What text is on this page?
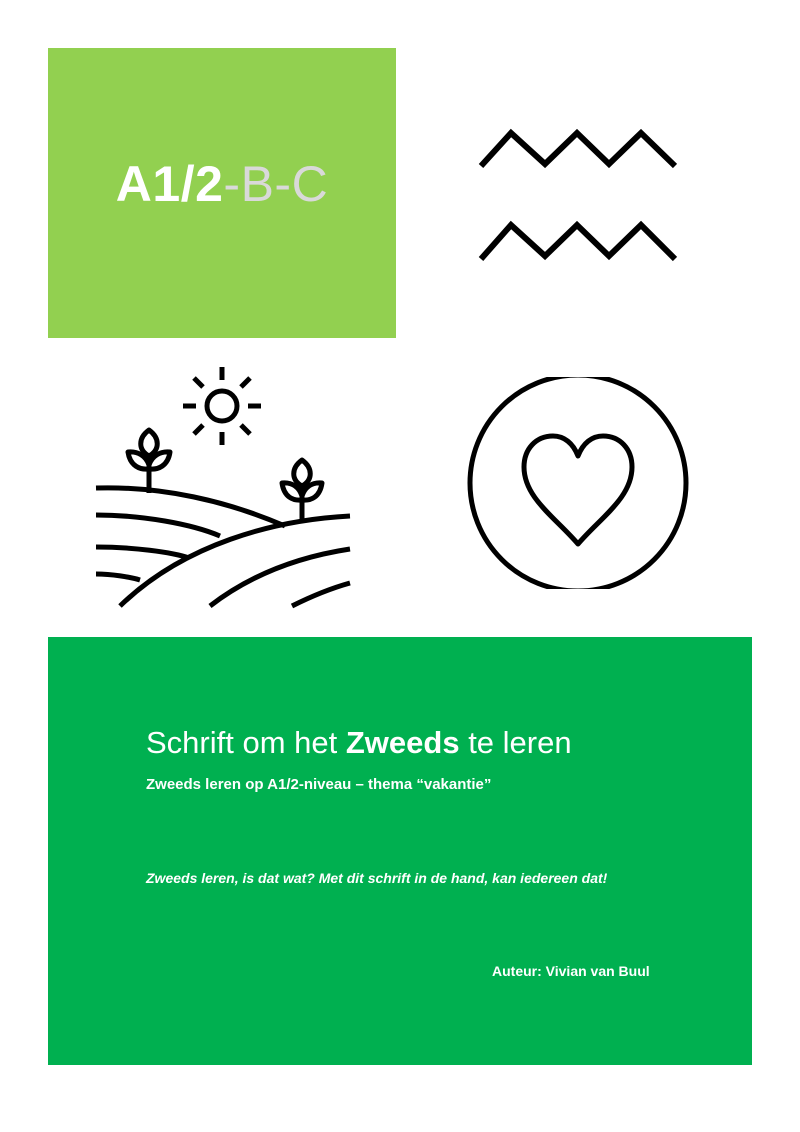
A1/2-B-C
Schrift om het Zweeds te leren
Zweeds leren op A1/2-niveau – thema “vakantie”
Zweeds leren, is dat wat? Met dit schrift in de hand, kan iedereen dat!
Auteur: Vivian van Buul
